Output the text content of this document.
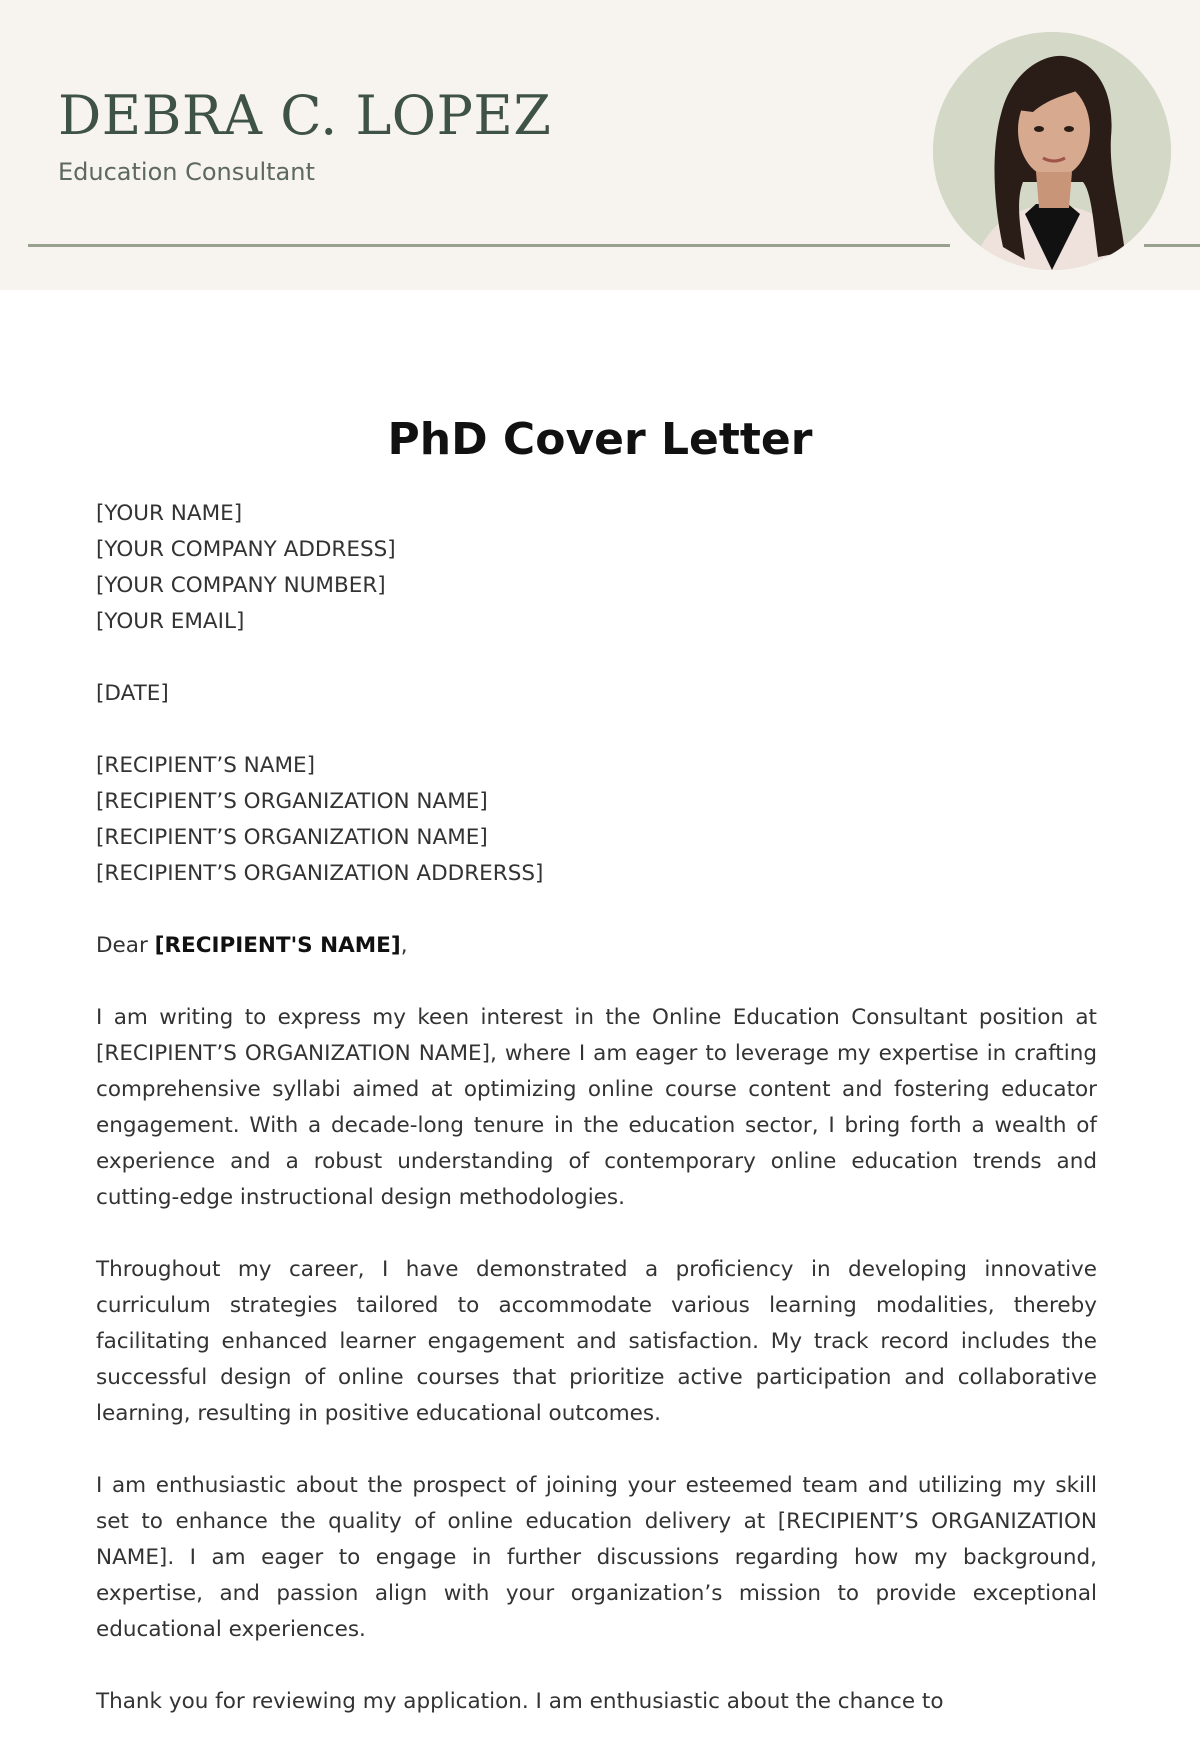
DEBRA C. LOPEZ
Education Consultant
PhD Cover Letter
[YOUR NAME]
[YOUR COMPANY ADDRESS]
[YOUR COMPANY NUMBER]
[YOUR EMAIL]
[DATE]
[RECIPIENT’S NAME]
[RECIPIENT’S ORGANIZATION NAME]
[RECIPIENT’S ORGANIZATION NAME]
[RECIPIENT’S ORGANIZATION ADDRERSS]
Dear [RECIPIENT'S NAME],

I am writing to express my keen interest in the Online Education Consultant position at [RECIPIENT’S ORGANIZATION NAME], where I am eager to leverage my expertise in crafting comprehensive syllabi aimed at optimizing online course content and fostering educator engagement. With a decade-long tenure in the education sector, I bring forth a wealth of experience and a robust understanding of contemporary online education trends and cutting-edge instructional design methodologies.

Throughout my career, I have demonstrated a proficiency in developing innovative curriculum strategies tailored to accommodate various learning modalities, thereby facilitating enhanced learner engagement and satisfaction. My track record includes the successful design of online courses that prioritize active participation and collaborative learning, resulting in positive educational outcomes.

I am enthusiastic about the prospect of joining your esteemed team and utilizing my skill set to enhance the quality of online education delivery at [RECIPIENT’S ORGANIZATION NAME]. I am eager to engage in further discussions regarding how my background, expertise, and passion align with your organization’s mission to provide exceptional educational experiences.

Thank you for reviewing my application. I am enthusiastic about the chance to
